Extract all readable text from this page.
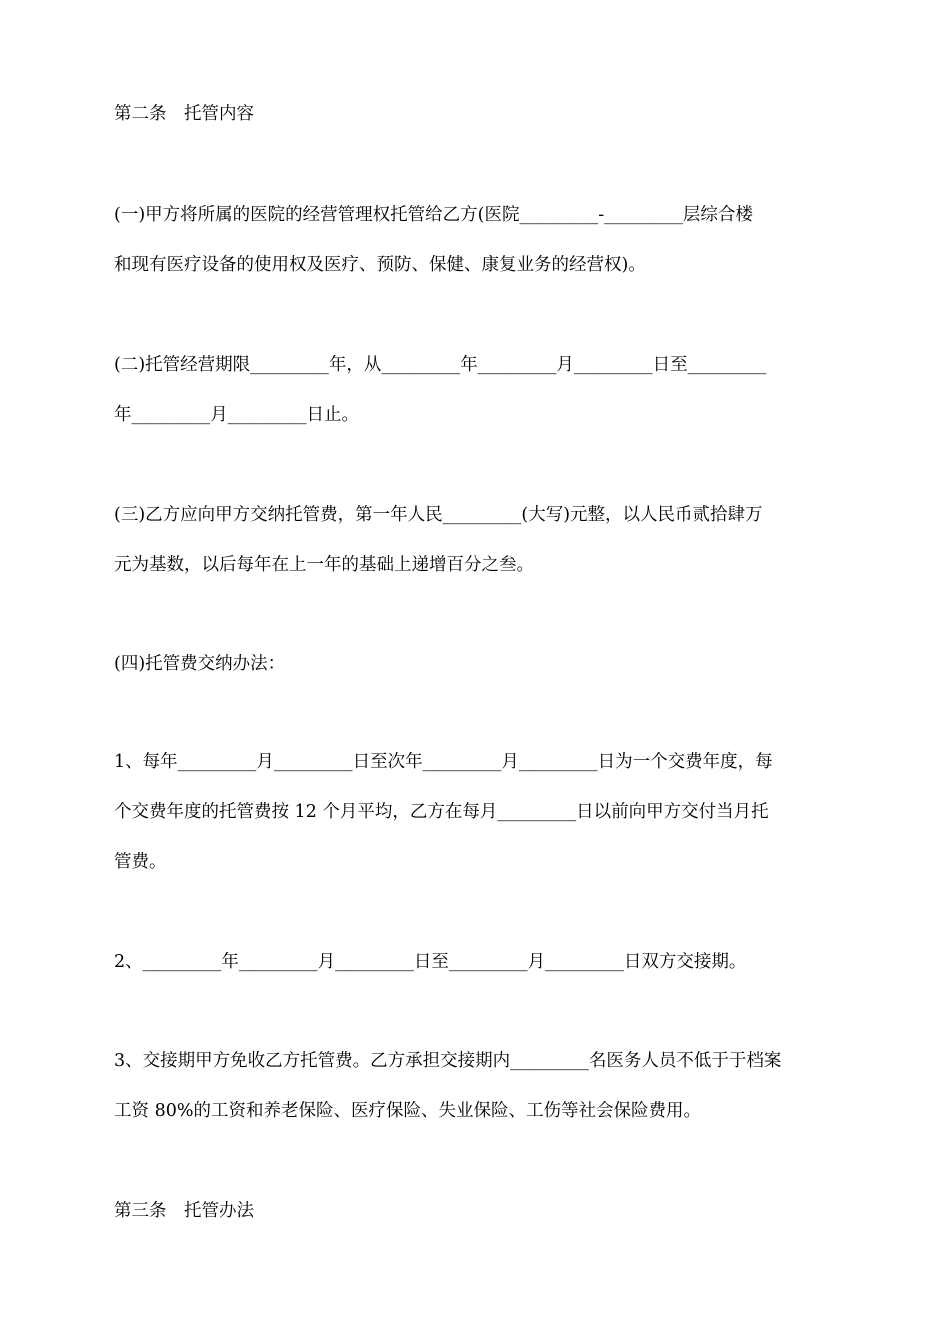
第二条　托管内容
(一)甲方将所属的医院的经营管理权托管给乙方(医院_________-_________层综合楼
和现有医疗设备的使用权及医疗、预防、保健、康复业务的经营权)。
(二)托管经营期限_________年，从_________年_________月_________日至_________
年_________月_________日止。
(三)乙方应向甲方交纳托管费，第一年人民_________(大写)元整，以人民币贰拾肆万
元为基数，以后每年在上一年的基础上递增百分之叁。
(四)托管费交纳办法：
1、每年_________月_________日至次年_________月_________日为一个交费年度，每
个交费年度的托管费按 12 个月平均，乙方在每月_________日以前向甲方交付当月托
管费。
2、_________年_________月_________日至_________月_________日双方交接期。
3、交接期甲方免收乙方托管费。乙方承担交接期内_________名医务人员不低于于档案
工资 80%的工资和养老保险、医疗保险、失业保险、工伤等社会保险费用。
第三条　托管办法
